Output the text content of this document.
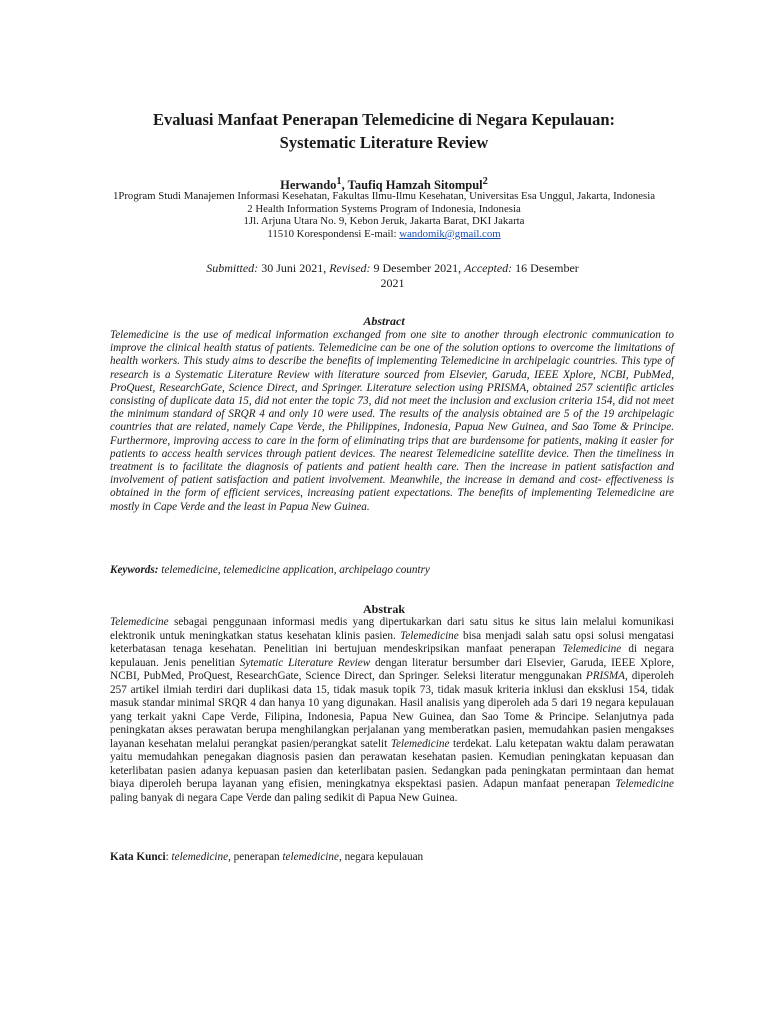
Evaluasi Manfaat Penerapan Telemedicine di Negara Kepulauan:
Systematic Literature Review
Herwando$^1$, Taufiq Hamzah Sitompul$^2$
1Program Studi Manajemen Informasi Kesehatan, Fakultas Ilmu-Ilmu Kesehatan, Universitas Esa Unggul, Jakarta, Indonesia
2 Health Information Systems Program of Indonesia, Indonesia
1Jl. Arjuna Utara No. 9, Kebon Jeruk, Jakarta Barat, DKI Jakarta
11510 Korespondensi E-mail: wandomik@gmail.com
Submitted: 30 Juni 2021, Revised: 9 Desember 2021, Accepted: 16 Desember 2021
Abstract

Telemedicine is the use of medical information exchanged from one site to another through electronic communication to improve the clinical health status of patients. Telemedicine can be one of the solution options to overcome the limitations of health workers. This study aims to describe the benefits of implementing Telemedicine in archipelagic countries. This type of research is a Systematic Literature Review with literature sourced from Elsevier, Garuda, IEEE Xplore, NCBI, PubMed, ProQuest, ResearchGate, Science Direct, and Springer. Literature selection using PRISMA, obtained 257 scientific articles consisting of duplicate data 15, did not enter the topic 73, did not meet the inclusion and exclusion criteria 154, did not meet the minimum standard of SRQR 4 and only 10 were used. The results of the analysis obtained are 5 of the 19 archipelagic countries that are related, namely Cape Verde, the Philippines, Indonesia, Papua New Guinea, and Sao Tome & Principe. Furthermore, improving access to care in the form of eliminating trips that are burdensome for patients, making it easier for patients to access health services through patient devices. The nearest Telemedicine satellite device. Then the timeliness in treatment is to facilitate the diagnosis of patients and patient health care. Then the increase in patient satisfaction and involvement of patient satisfaction and patient involvement. Meanwhile, the increase in demand and cost- effectiveness is obtained in the form of efficient services, increasing patient expectations. The benefits of implementing Telemedicine are mostly in Cape Verde and the least in Papua New Guinea.

Keywords: telemedicine, telemedicine application, archipelago country

Abstrak

Telemedicine sebagai penggunaan informasi medis yang dipertukarkan dari satu situs ke situs lain melalui komunikasi elektronik untuk meningkatkan status kesehatan klinis pasien. Telemedicine bisa menjadi salah satu opsi solusi mengatasi keterbatasan tenaga kesehatan. Penelitian ini bertujuan mendeskripsikan manfaat penerapan Telemedicine di negara kepulauan. Jenis penelitian Sytematic Literature Review dengan literatur bersumber dari Elsevier, Garuda, IEEE Xplore, NCBI, PubMed, ProQuest, ResearchGate, Science Direct, dan Springer. Seleksi literatur menggunakan PRISMA, diperoleh 257 artikel ilmiah terdiri dari duplikasi data 15, tidak masuk topik 73, tidak masuk kriteria inklusi dan eksklusi 154, tidak masuk standar minimal SRQR 4 dan hanya 10 yang digunakan. Hasil analisis yang diperoleh ada 5 dari 19 negara kepulauan yang terkait yakni Cape Verde, Filipina, Indonesia, Papua New Guinea, dan Sao Tome & Principe. Selanjutnya pada peningkatan akses perawatan berupa menghilangkan perjalanan yang memberatkan pasien, memudahkan pasien mengakses layanan kesehatan melalui perangkat pasien/perangkat satelit Telemedicine terdekat. Lalu ketepatan waktu dalam perawatan yaitu memudahkan penegakan diagnosis pasien dan perawatan kesehatan pasien. Kemudian peningkatan kepuasan dan keterlibatan pasien adanya kepuasan pasien dan keterlibatan pasien. Sedangkan pada peningkatan permintaan dan hemat biaya diperoleh berupa layanan yang efisien, meningkatnya ekspektasi pasien. Adapun manfaat penerapan Telemedicine paling banyak di negara Cape Verde dan paling sedikit di Papua New Guinea.

Kata Kunci: telemedicine, penerapan telemedicine, negara kepulauan
